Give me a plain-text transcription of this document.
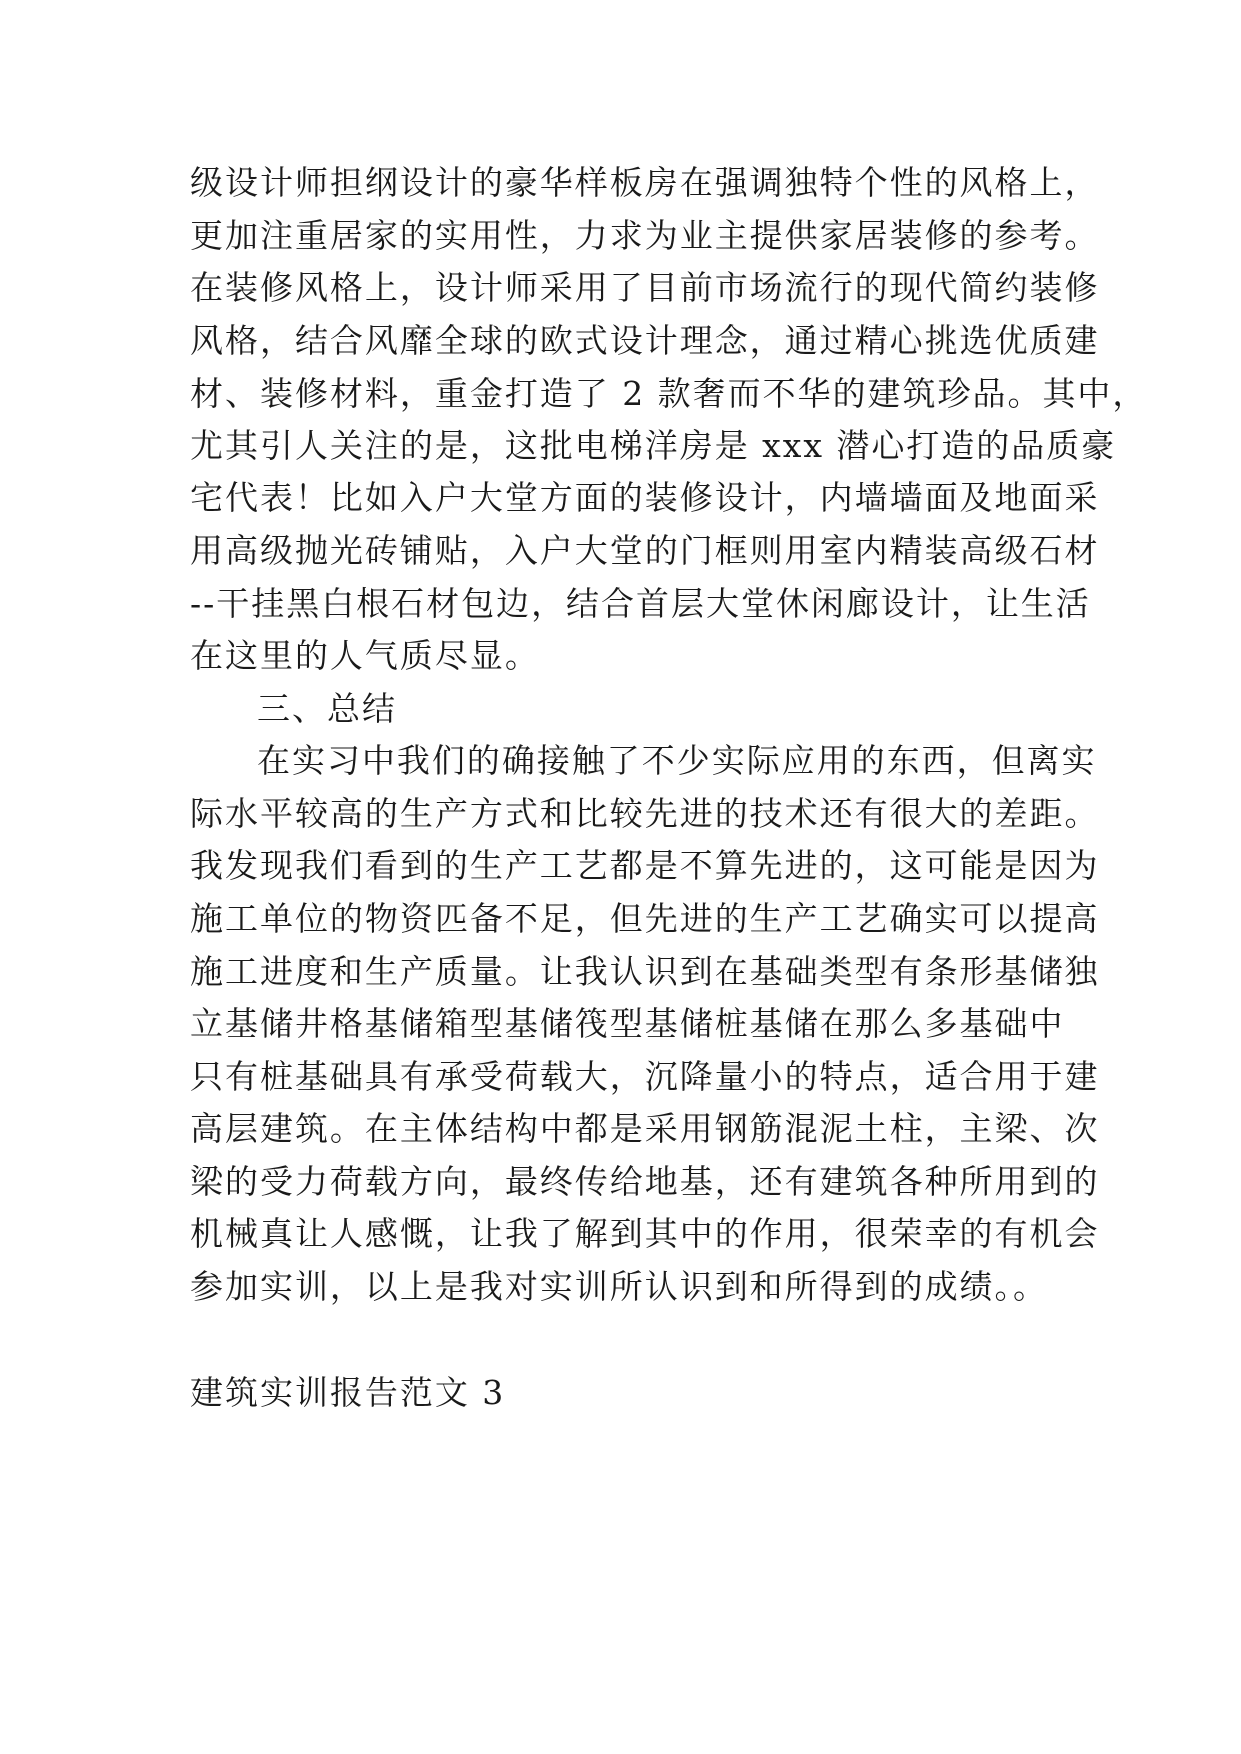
级设计师担纲设计的豪华样板房在强调独特个性的风格上，
更加注重居家的实用性，力求为业主提供家居装修的参考。
在装修风格上，设计师采用了目前市场流行的现代简约装修
风格，结合风靡全球的欧式设计理念，通过精心挑选优质建
材、装修材料，重金打造了 2 款奢而不华的建筑珍品。其中，
尤其引人关注的是，这批电梯洋房是 xxx 潜心打造的品质豪
宅代表！比如入户大堂方面的装修设计，内墙墙面及地面采
用高级抛光砖铺贴，入户大堂的门框则用室内精装高级石材
--干挂黑白根石材包边，结合首层大堂休闲廊设计，让生活
在这里的人气质尽显。
三、总结
在实习中我们的确接触了不少实际应用的东西，但离实
际水平较高的生产方式和比较先进的技术还有很大的差距。
我发现我们看到的生产工艺都是不算先进的，这可能是因为
施工单位的物资匹备不足，但先进的生产工艺确实可以提高
施工进度和生产质量。让我认识到在基础类型有条形基储独
立基储井格基储箱型基储筏型基储桩基储在那么多基础中
只有桩基础具有承受荷载大，沉降量小的特点，适合用于建
高层建筑。在主体结构中都是采用钢筋混泥土柱，主梁、次
梁的受力荷载方向，最终传给地基，还有建筑各种所用到的
机械真让人感慨，让我了解到其中的作用，很荣幸的有机会
参加实训，以上是我对实训所认识到和所得到的成绩。。
建筑实训报告范文 3
